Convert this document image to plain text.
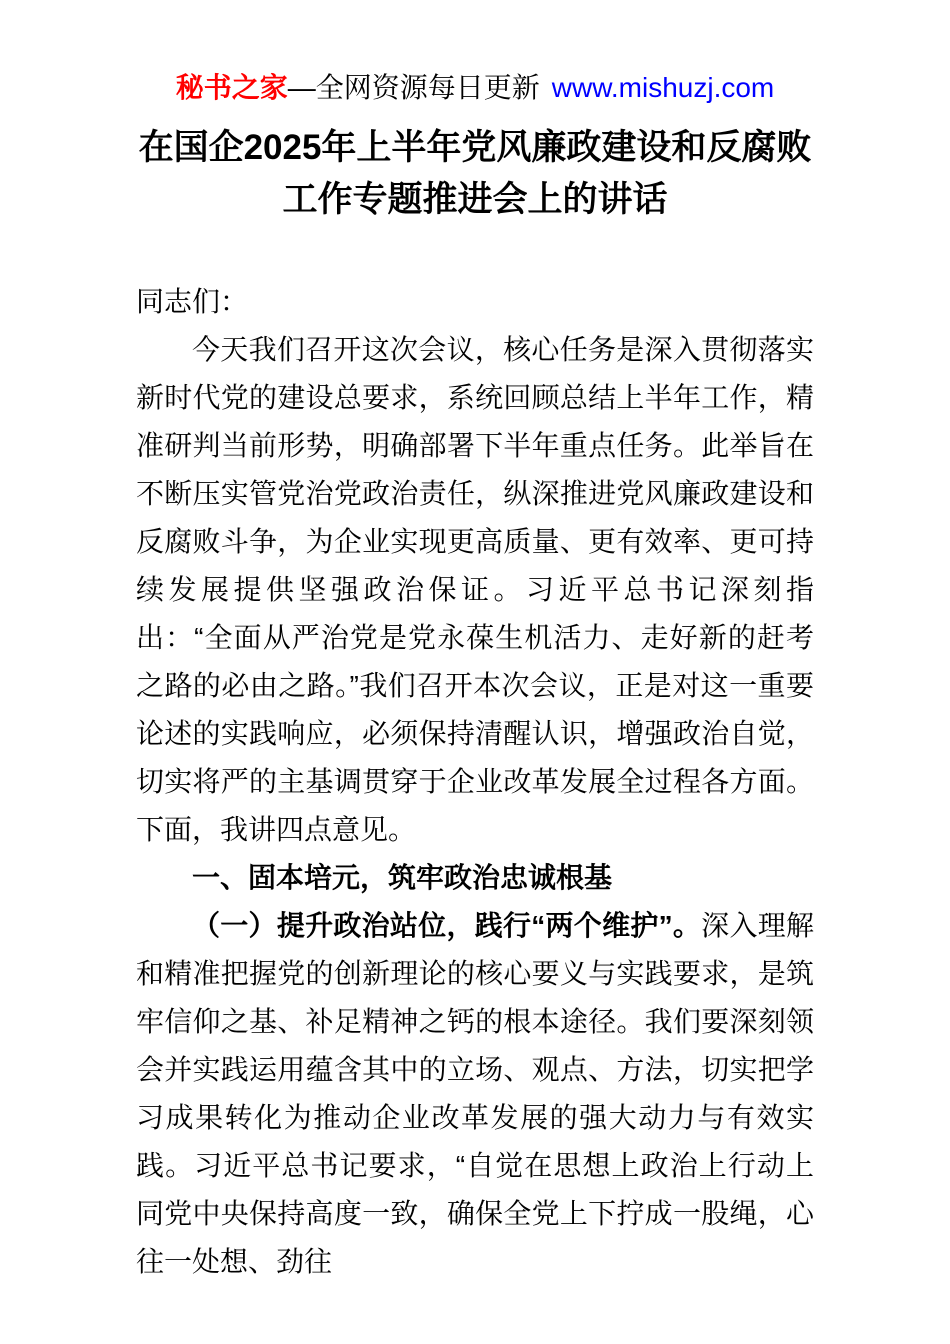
秘书之家—全网资源每日更新 www.mishuzj.com
在国企2025年上半年党风廉政建设和反腐败
工作专题推进会上的讲话

同志们：

今天我们召开这次会议，核心任务是深入贯彻落实新时代党的建设总要求，系统回顾总结上半年工作，精准研判当前形势，明确部署下半年重点任务。此举旨在不断压实管党治党政治责任，纵深推进党风廉政建设和反腐败斗争，为企业实现更高质量、更有效率、更可持续发展提供坚强政治保证。习近平总书记深刻指出：“全面从严治党是党永葆生机活力、走好新的赶考之路的必由之路。”我们召开本次会议，正是对这一重要论述的实践响应，必须保持清醒认识，增强政治自觉，切实将严的主基调贯穿于企业改革发展全过程各方面。下面，我讲四点意见。

一、固本培元，筑牢政治忠诚根基

（一）提升政治站位，践行“两个维护”。深入理解和精准把握党的创新理论的核心要义与实践要求，是筑牢信仰之基、补足精神之钙的根本途径。我们要深刻领会并实践运用蕴含其中的立场、观点、方法，切实把学习成果转化为推动企业改革发展的强大动力与有效实践。习近平总书记要求，“自觉在思想上政治上行动上同党中央保持高度一致，确保全党上下拧成一股绳，心往一处想、劲往
